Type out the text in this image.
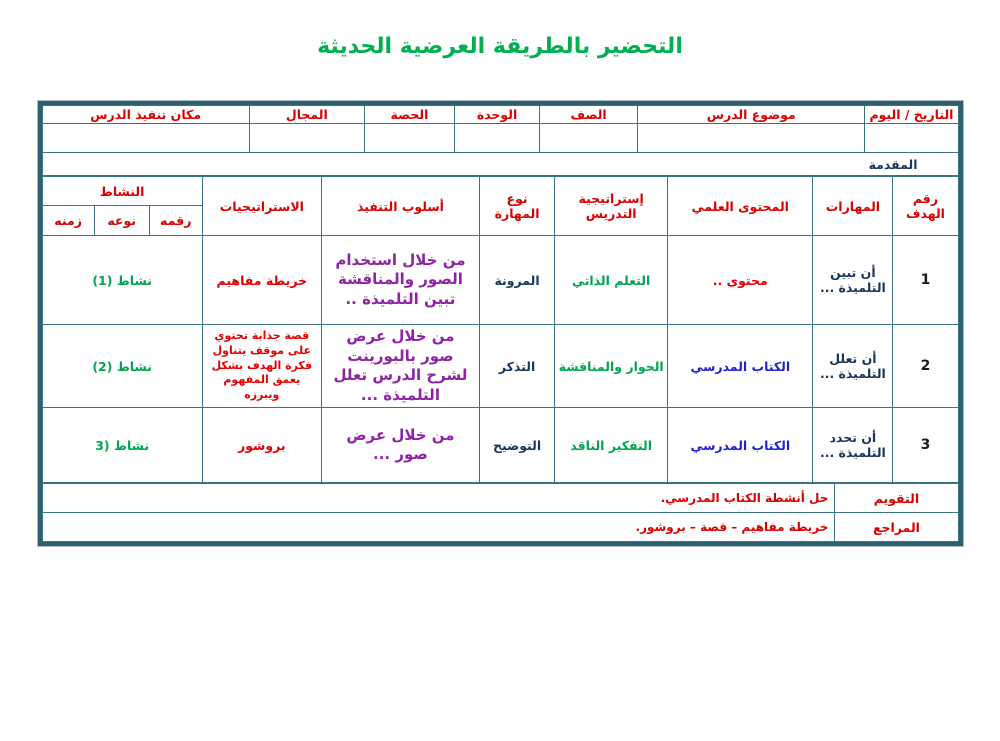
التحضير بالطريقة العرضية الحديثة
التاريخ / اليوم	موضوع الدرس	الصف	الوحدة	الحصة	المجال	مكان تنفيذ الدرس

المقدمة						
رقم الهدف	المهارات	المحتوى العلمي	إستراتيجية التدريس	نوع المهارة	أسلوب التنفيذ	الاستراتيجيات	النشاط		
							رقمه	نوعه	زمنه
1	أن تبين التلميذة ...	محتوى ..	التعلم الذاتي	المرونة	من خلال استخدام الصور والمناقشة تبين التلميذة ..	خريطة مفاهيم	نشاط (1)		
2	أن تعلل التلميذة ...	الكتاب المدرسي	الحوار والمناقشة	التذكر	من خلال عرض صور بالبورينت لشرح الدرس تعلل التلميذة ...	قصة جذابة تحتوي على موقف يتناول فكرة الهدف بشكل يعمق المفهوم ويبرزه	نشاط (2)		
3	أن تحدد التلميذة ...	الكتاب المدرسي	التفكير الناقد	التوضيح	من خلال عرض صور ...	بروشور	نشاط (3		
التقويم	حل أنشطة الكتاب المدرسي.
المراجع	خريطة مفاهيم – قصة – بروشور.
